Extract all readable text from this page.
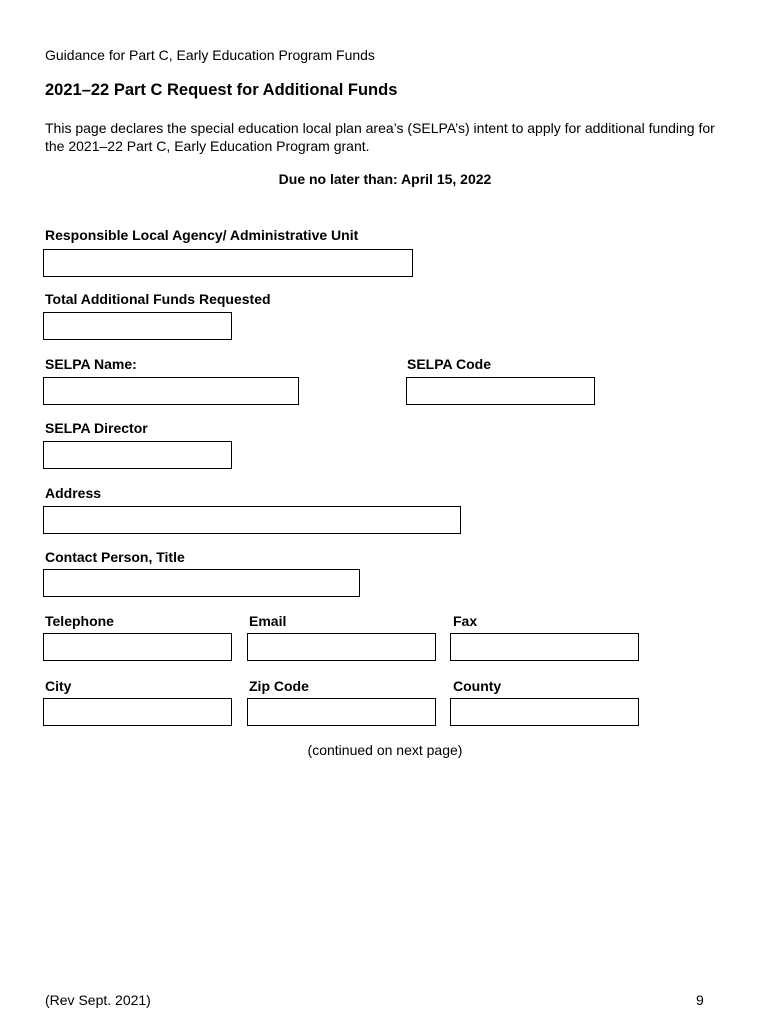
Guidance for Part C, Early Education Program Funds
2021–22 Part C Request for Additional Funds

This page declares the special education local plan area’s (SELPA’s) intent to apply for additional funding for the 2021–22 Part C, Early Education Program grant.

Due no later than: April 15, 2022
Responsible Local Agency/ Administrative Unit
Total Additional Funds Requested
SELPA Name:	SELPA Code
SELPA Director
Address
Contact Person, Title
Telephone	Email	Fax
City	Zip Code	County
(continued on next page)
(Rev Sept. 2021)	9
